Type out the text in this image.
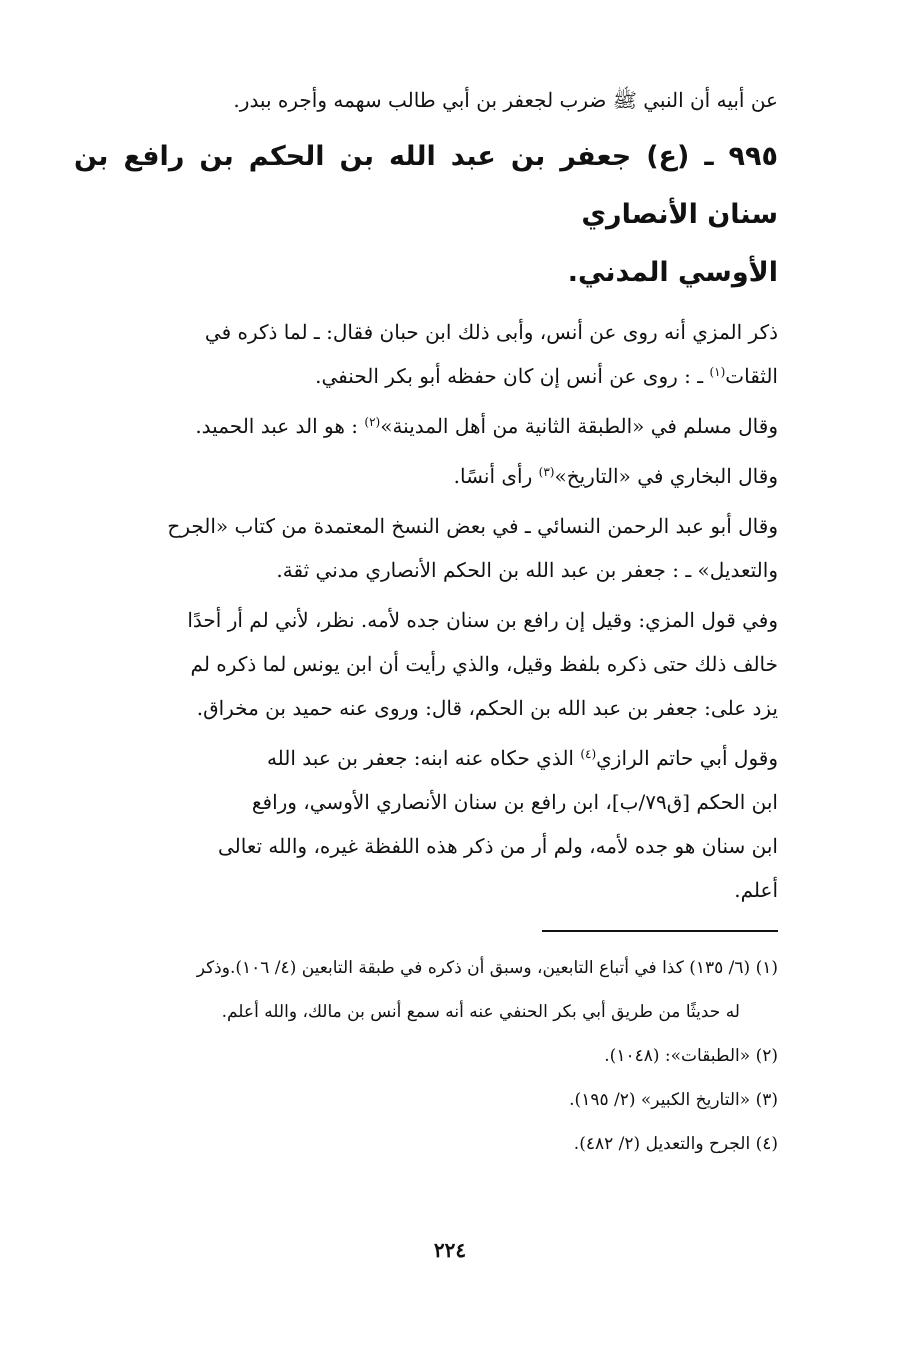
عن أبيه أن النبي ﷺ ضرب لجعفر بن أبي طالب سهمه وأجره ببدر.

٩٩٥ ـ (ع) جعفر بن عبد الله بن الحكم بن رافع بن سنان الأنصاري
الأوسي المدني.

ذكر المزي أنه روى عن أنس، وأبى ذلك ابن حبان فقال: ـ لما ذكره في

الثقات$^{(١)}$ ـ : روى عن أنس إن كان حفظه أبو بكر الحنفي.

وقال مسلم في «الطبقة الثانية من أهل المدينة»$^{(٢)}$ : هو الد عبد الحميد.

وقال البخاري في «التاريخ»$^{(٣)}$ رأى أنسًا.

وقال أبو عبد الرحمن النسائي ـ في بعض النسخ المعتمدة من كتاب «الجرح

والتعديل» ـ : جعفر بن عبد الله بن الحكم الأنصاري مدني ثقة.

وفي قول المزي: وقيل إن رافع بن سنان جده لأمه. نظر، لأني لم أر أحدًا

خالف ذلك حتى ذكره بلفظ وقيل، والذي رأيت أن ابن يونس لما ذكره لم

يزد على: جعفر بن عبد الله بن الحكم، قال: وروى عنه حميد بن مخراق.

وقول أبي حاتم الرازي$^{(٤)}$ الذي حكاه عنه ابنه: جعفر بن عبد الله

ابن الحكم [ق٧٩/ب]، ابن رافع بن سنان الأنصاري الأوسي، ورافع

ابن سنان هو جده لأمه، ولم أر من ذكر هذه اللفظة غيره، والله تعالى

أعلم.

(١) (٦/ ١٣٥) كذا في أتباع التابعين، وسبق أن ذكره في طبقة التابعين (٤/ ١٠٦).وذكر

له حديثًا من طريق أبي بكر الحنفي عنه أنه سمع أنس بن مالك، والله أعلم.

(٢) «الطبقات»: (١٠٤٨).

(٣) «التاريخ الكبير» (٢/ ١٩٥).

(٤) الجرح والتعديل (٢/ ٤٨٢).

٢٢٤
